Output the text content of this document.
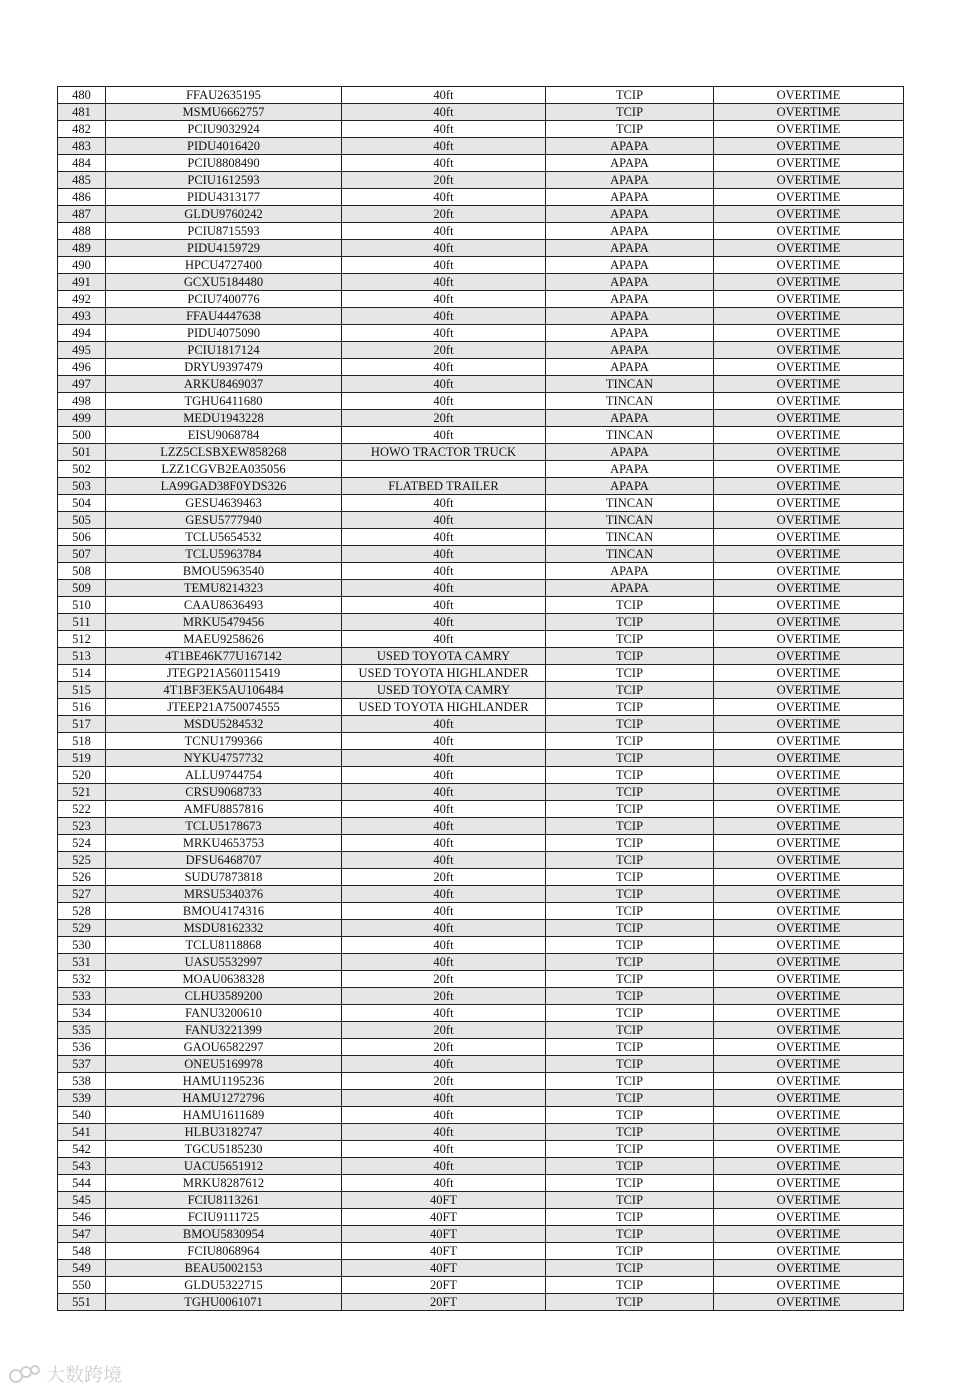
480	FFAU2635195	40ft	TCIP	OVERTIME
481	MSMU6662757	40ft	TCIP	OVERTIME
482	PCIU9032924	40ft	TCIP	OVERTIME
483	PIDU4016420	40ft	APAPA	OVERTIME
484	PCIU8808490	40ft	APAPA	OVERTIME
485	PCIU1612593	20ft	APAPA	OVERTIME
486	PIDU4313177	40ft	APAPA	OVERTIME
487	GLDU9760242	20ft	APAPA	OVERTIME
488	PCIU8715593	40ft	APAPA	OVERTIME
489	PIDU4159729	40ft	APAPA	OVERTIME
490	HPCU4727400	40ft	APAPA	OVERTIME
491	GCXU5184480	40ft	APAPA	OVERTIME
492	PCIU7400776	40ft	APAPA	OVERTIME
493	FFAU4447638	40ft	APAPA	OVERTIME
494	PIDU4075090	40ft	APAPA	OVERTIME
495	PCIU1817124	20ft	APAPA	OVERTIME
496	DRYU9397479	40ft	APAPA	OVERTIME
497	ARKU8469037	40ft	TINCAN	OVERTIME
498	TGHU6411680	40ft	TINCAN	OVERTIME
499	MEDU1943228	20ft	APAPA	OVERTIME
500	EISU9068784	40ft	TINCAN	OVERTIME
501	LZZ5CLSBXEW858268	HOWO TRACTOR TRUCK	APAPA	OVERTIME
502	LZZ1CGVB2EA035056		APAPA	OVERTIME
503	LA99GAD38F0YDS326	FLATBED TRAILER	APAPA	OVERTIME
504	GESU4639463	40ft	TINCAN	OVERTIME
505	GESU5777940	40ft	TINCAN	OVERTIME
506	TCLU5654532	40ft	TINCAN	OVERTIME
507	TCLU5963784	40ft	TINCAN	OVERTIME
508	BMOU5963540	40ft	APAPA	OVERTIME
509	TEMU8214323	40ft	APAPA	OVERTIME
510	CAAU8636493	40ft	TCIP	OVERTIME
511	MRKU5479456	40ft	TCIP	OVERTIME
512	MAEU9258626	40ft	TCIP	OVERTIME
513	4T1BE46K77U167142	USED TOYOTA CAMRY	TCIP	OVERTIME
514	JTEGP21A560115419	USED TOYOTA HIGHLANDER	TCIP	OVERTIME
515	4T1BF3EK5AU106484	USED TOYOTA CAMRY	TCIP	OVERTIME
516	JTEEP21A750074555	USED TOYOTA HIGHLANDER	TCIP	OVERTIME
517	MSDU5284532	40ft	TCIP	OVERTIME
518	TCNU1799366	40ft	TCIP	OVERTIME
519	NYKU4757732	40ft	TCIP	OVERTIME
520	ALLU9744754	40ft	TCIP	OVERTIME
521	CRSU9068733	40ft	TCIP	OVERTIME
522	AMFU8857816	40ft	TCIP	OVERTIME
523	TCLU5178673	40ft	TCIP	OVERTIME
524	MRKU4653753	40ft	TCIP	OVERTIME
525	DFSU6468707	40ft	TCIP	OVERTIME
526	SUDU7873818	20ft	TCIP	OVERTIME
527	MRSU5340376	40ft	TCIP	OVERTIME
528	BMOU4174316	40ft	TCIP	OVERTIME
529	MSDU8162332	40ft	TCIP	OVERTIME
530	TCLU8118868	40ft	TCIP	OVERTIME
531	UASU5532997	40ft	TCIP	OVERTIME
532	MOAU0638328	20ft	TCIP	OVERTIME
533	CLHU3589200	20ft	TCIP	OVERTIME
534	FANU3200610	40ft	TCIP	OVERTIME
535	FANU3221399	20ft	TCIP	OVERTIME
536	GAOU6582297	20ft	TCIP	OVERTIME
537	ONEU5169978	40ft	TCIP	OVERTIME
538	HAMU1195236	20ft	TCIP	OVERTIME
539	HAMU1272796	40ft	TCIP	OVERTIME
540	HAMU1611689	40ft	TCIP	OVERTIME
541	HLBU3182747	40ft	TCIP	OVERTIME
542	TGCU5185230	40ft	TCIP	OVERTIME
543	UACU5651912	40ft	TCIP	OVERTIME
544	MRKU8287612	40ft	TCIP	OVERTIME
545	FCIU8113261	40FT	TCIP	OVERTIME
546	FCIU9111725	40FT	TCIP	OVERTIME
547	BMOU5830954	40FT	TCIP	OVERTIME
548	FCIU8068964	40FT	TCIP	OVERTIME
549	BEAU5002153	40FT	TCIP	OVERTIME
550	GLDU5322715	20FT	TCIP	OVERTIME
551	TGHU0061071	20FT	TCIP	OVERTIME
大数跨境
